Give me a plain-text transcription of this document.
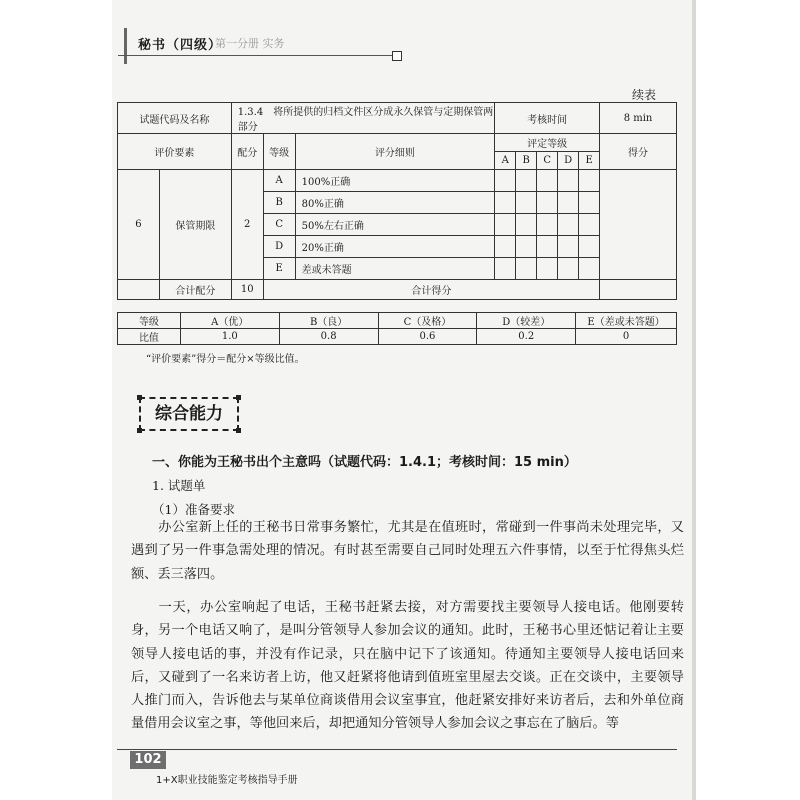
秘书（四级）
第一分册 实务
续表
试题代码及名称		1.3.4　将所提供的归档文件区分成永久保管与定期保管两部分			考核时间					8 min
评价要素		配分	等级	评分细则	评定等级					得分
					A	B	C	D	E	
6	保管期限	2	A	100%正确						
			B	80%正确						
			C	50%左右正确						
			D	20%正确						
			E	差或未答题						
	合计配分	10	合计得分							
等级	A（优）	B（良）	C（及格）	D（较差）	E（差或未答题）
比值	1.0	0.8	0.6	0.2	0
“评价要素”得分＝配分×等级比值。
综合能力
一、你能为王秘书出个主意吗（试题代码：1.4.1；考核时间：15 min）
1. 试题单
（1）准备要求

办公室新上任的王秘书日常事务繁忙，尤其是在值班时，常碰到一件事尚未处理完毕，又遇到了另一件事急需处理的情况。有时甚至需要自己同时处理五六件事情，以至于忙得焦头烂额、丢三落四。

一天，办公室响起了电话，王秘书赶紧去接，对方需要找主要领导人接电话。他刚要转身，另一个电话又响了，是叫分管领导人参加会议的通知。此时，王秘书心里还惦记着让主要领导人接电话的事，并没有作记录，只在脑中记下了该通知。待通知主要领导人接电话回来后，又碰到了一名来访者上访，他又赶紧将他请到值班室里屋去交谈。正在交谈中，主要领导人推门而入，告诉他去与某单位商谈借用会议室事宜，他赶紧安排好来访者后，去和外单位商量借用会议室之事，等他回来后，却把通知分管领导人参加会议之事忘在了脑后。等

102
1+X职业技能鉴定考核指导手册
